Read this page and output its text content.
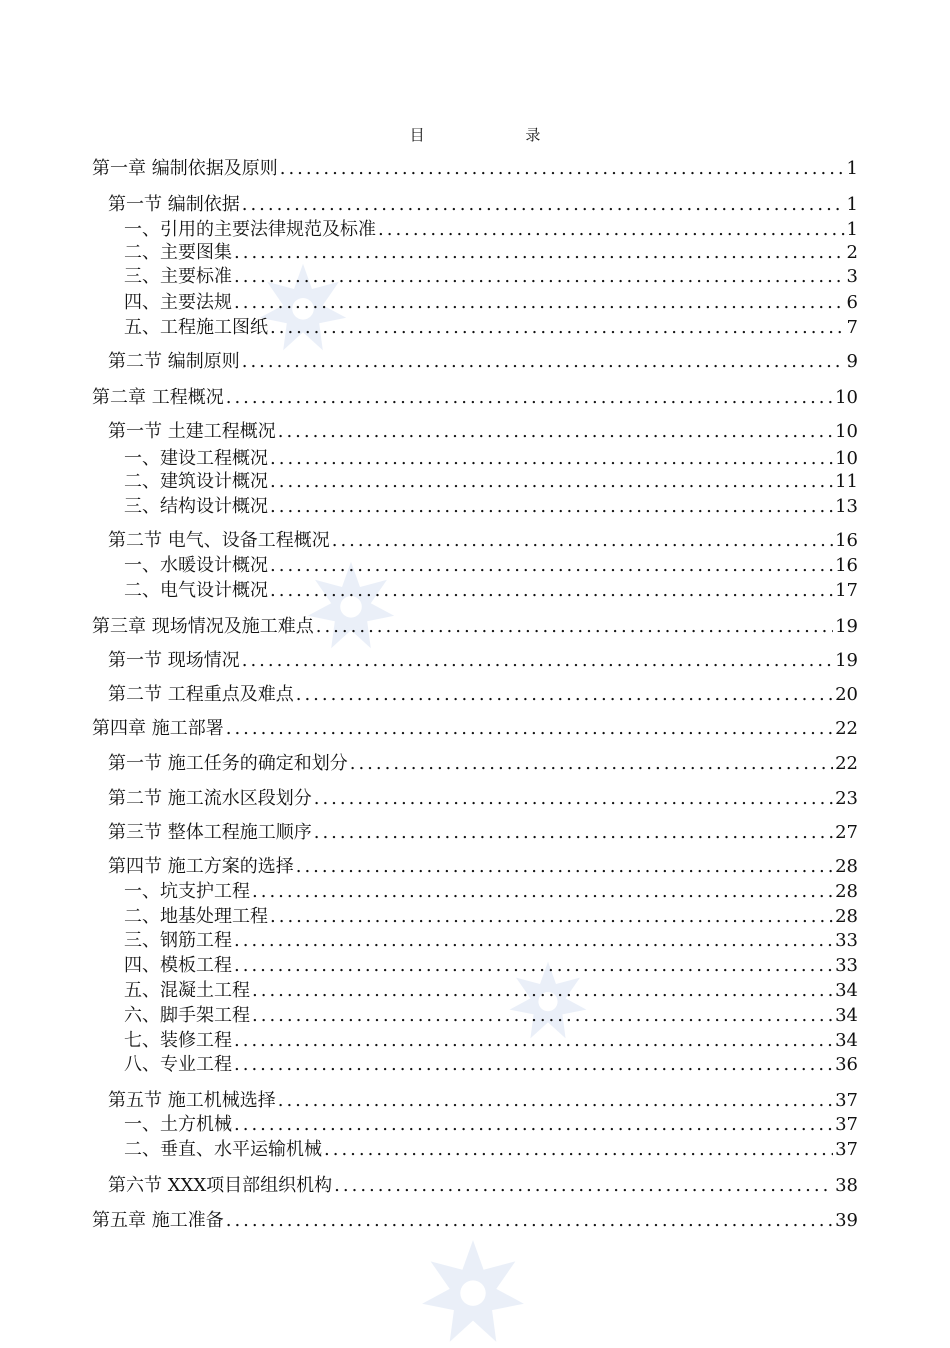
目 录
第一章 编制依据及原则 .....	1
第一节 编制依据 .....	1
一、引用的主要法律规范及标准 .....	1
二、主要图集 .....	2
三、主要标准 .....	3
四、主要法规 .....	6
五、工程施工图纸 .....	7
第二节 编制原则 .....	9
第二章 工程概况 .....	10
第一节 土建工程概况 .....	10
一、建设工程概况 .....	10
二、建筑设计概况 .....	11
三、结构设计概况 .....	13
第二节 电气、设备工程概况 .....	16
一、水暖设计概况 .....	16
二、电气设计概况 .....	17
第三章 现场情况及施工难点 .....	19
第一节 现场情况 .....	19
第二节 工程重点及难点 .....	20
第四章 施工部署 .....	22
第一节 施工任务的确定和划分 .....	22
第二节 施工流水区段划分 .....	23
第三节 整体工程施工顺序 .....	27
第四节 施工方案的选择 .....	28
一、坑支护工程 .....	28
二、地基处理工程 .....	28
三、钢筋工程 .....	33
四、模板工程 .....	33
五、混凝土工程 .....	34
六、脚手架工程 .....	34
七、装修工程 .....	34
八、专业工程 .....	36
第五节 施工机械选择 .....	37
一、土方机械 .....	37
二、垂直、水平运输机械 .....	37
第六节 XXX项目部组织机构 .....	38
第五章 施工准备 .....	39
